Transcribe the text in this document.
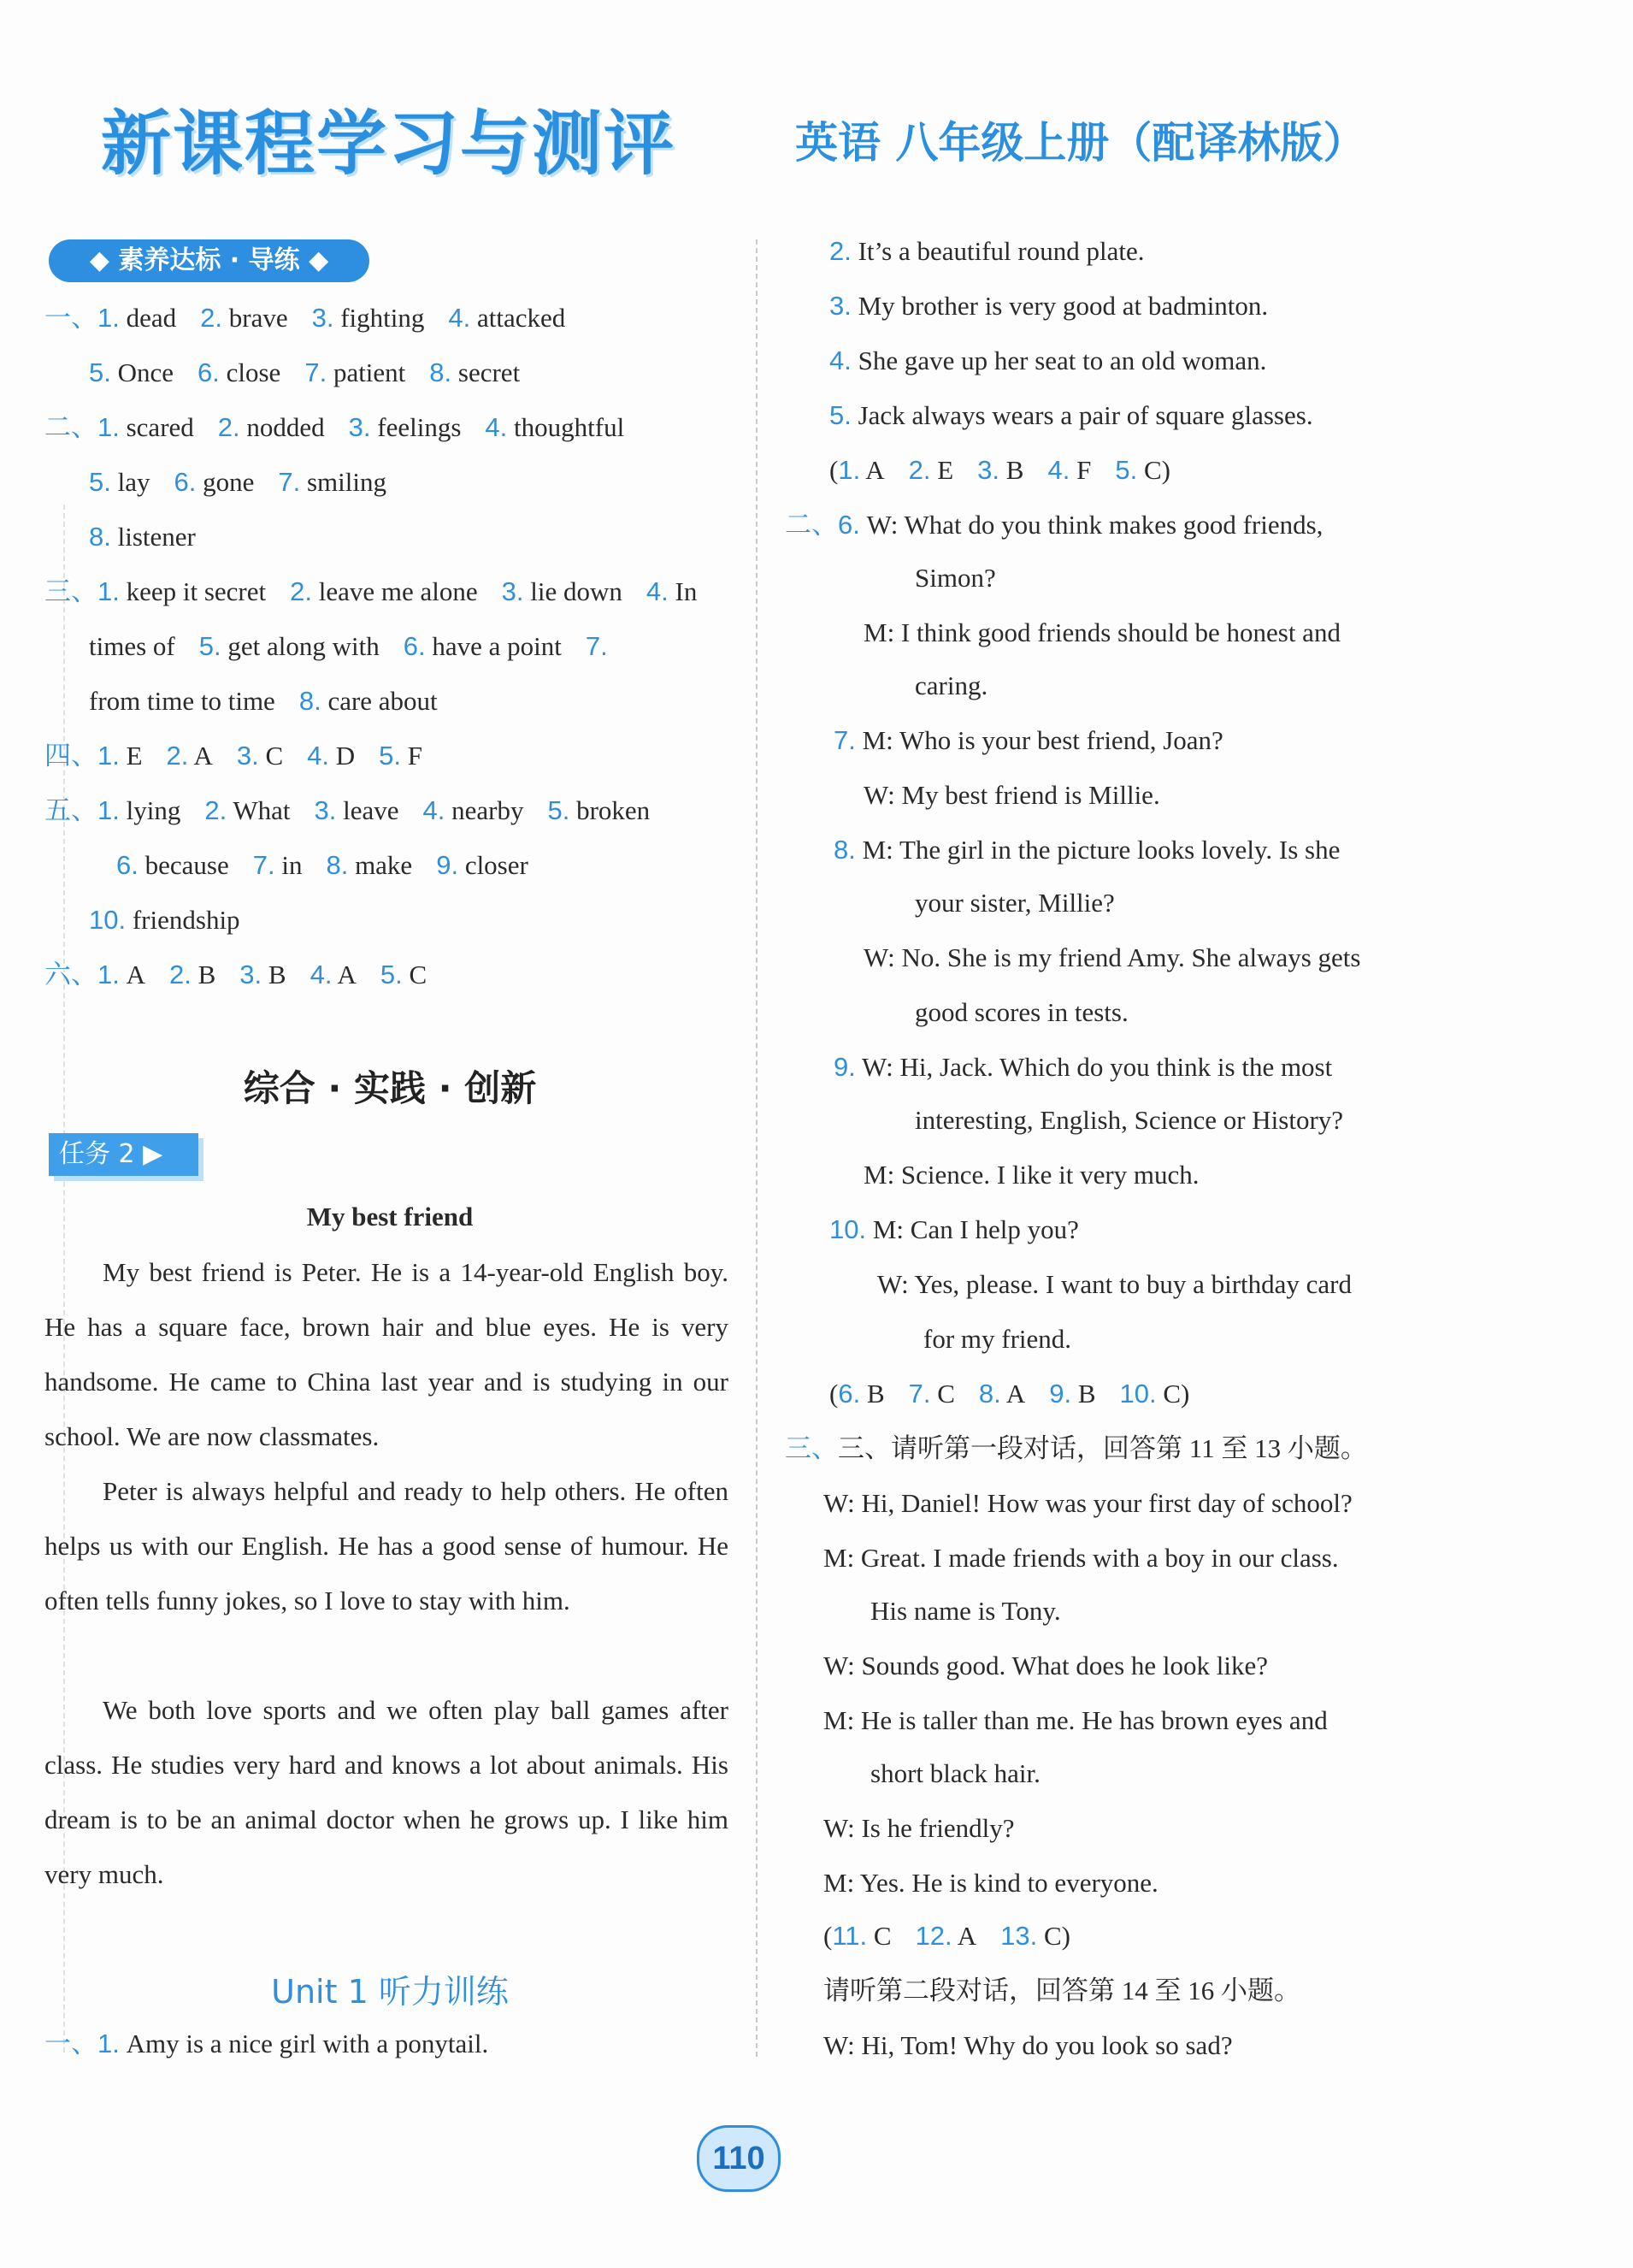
新课程学习与测评	英语 八年级上册（配译林版）
◆ 素养达标 · 导练 ◆
一、1. dead 2. brave 3. fighting 4. attacked
5. Once 6. close 7. patient 8. secret
二、1. scared 2. nodded 3. feelings 4. thoughtful
5. lay 6. gone 7. smiling
8. listener
三、1. keep it secret 2. leave me alone 3. lie down 4. In
times of 5. get along with 6. have a point 7.
from time to time 8. care about
四、1. E 2. A 3. C 4. D 5. F
五、1. lying 2. What 3. leave 4. nearby 5. broken
6. because 7. in 8. make 9. closer
10. friendship
六、1. A 2. B 3. B 4. A 5. C
综合 · 实践 · 创新
任务 2 ▶
My best friend
My best friend is Peter. He is a 14-year-old English boy. He has a square face, brown hair and blue eyes. He is very handsome. He came to China last year and is studying in our school. We are now classmates.
Peter is always helpful and ready to help others. He often helps us with our English. He has a good sense of humour. He often tells funny jokes, so I love to stay with him.
We both love sports and we often play ball games after class. He studies very hard and knows a lot about animals. His dream is to be an animal doctor when he grows up. I like him very much.
Unit 1 听力训练
一、1. Amy is a nice girl with a ponytail.
2. It’s a beautiful round plate.
3. My brother is very good at badminton.
4. She gave up her seat to an old woman.
5. Jack always wears a pair of square glasses.
(1. A 2. E 3. B 4. F 5. C)
二、6. W: What do you think makes good friends,
Simon?
M: I think good friends should be honest and
caring.
7. M: Who is your best friend, Joan?
W: My best friend is Millie.
8. M: The girl in the picture looks lovely. Is she
your sister, Millie?
W: No. She is my friend Amy. She always gets
good scores in tests.
9. W: Hi, Jack. Which do you think is the most
interesting, English, Science or History?
M: Science. I like it very much.
10. M: Can I help you?
W: Yes, please. I want to buy a birthday card
for my friend.
(6. B 7. C 8. A 9. B 10. C)
三、三、请听第一段对话，回答第 11 至 13 小题。
W: Hi, Daniel! How was your first day of school?
M: Great. I made friends with a boy in our class.
His name is Tony.
W: Sounds good. What does he look like?
M: He is taller than me. He has brown eyes and
short black hair.
W: Is he friendly?
M: Yes. He is kind to everyone.
(11. C 12. A 13. C)
请听第二段对话，回答第 14 至 16 小题。
W: Hi, Tom! Why do you look so sad?
110
